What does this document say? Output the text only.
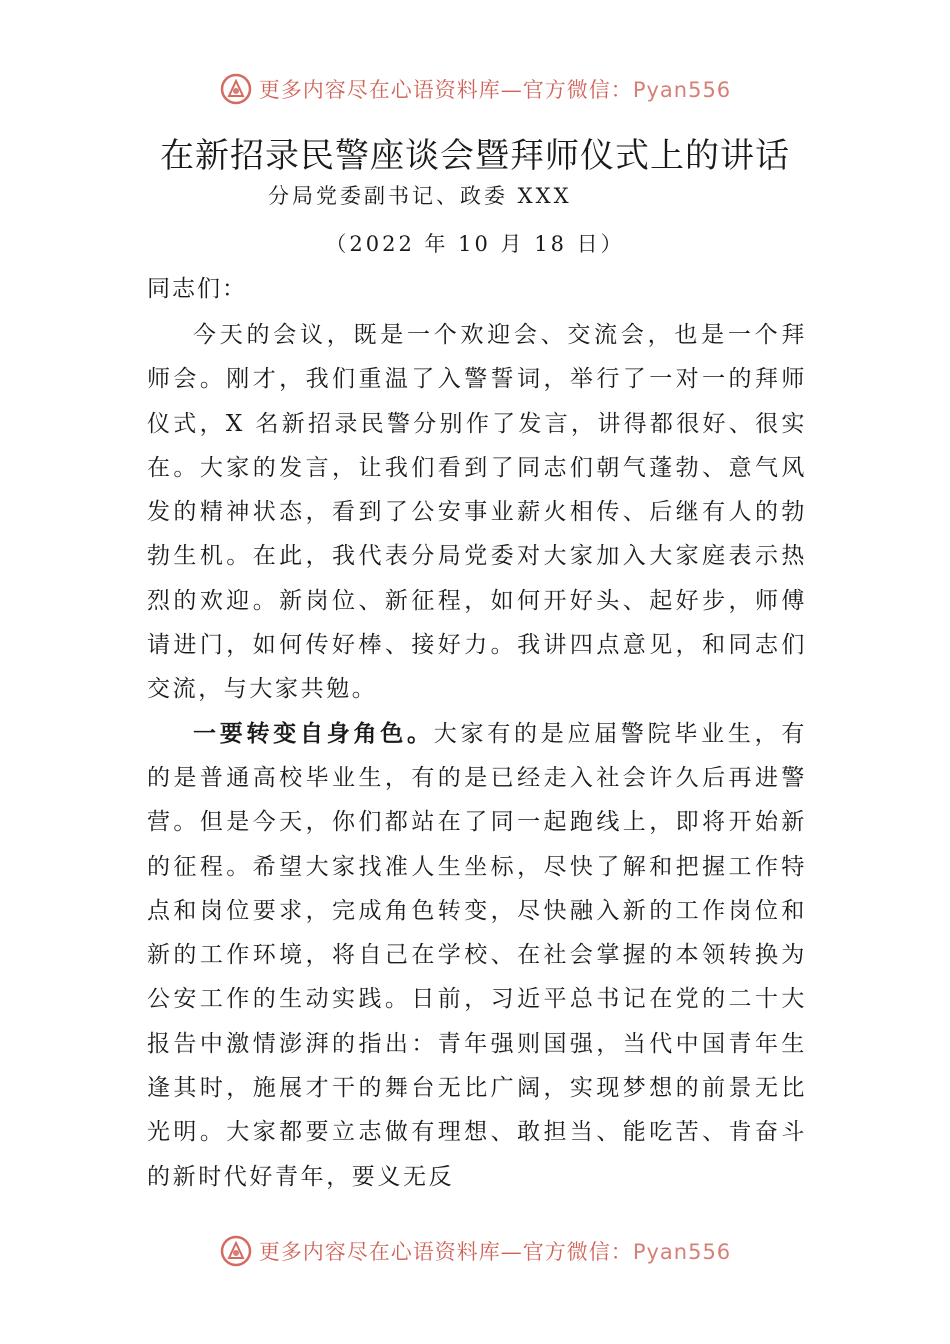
更多内容尽在心语资料库—官方微信：Pyan556
在新招录民警座谈会暨拜师仪式上的讲话
分局党委副书记、政委 XXX
（2022 年 10 月 18 日）
同志们：

今天的会议，既是一个欢迎会、交流会，也是一个拜师会。刚才，我们重温了入警誓词，举行了一对一的拜师仪式，X 名新招录民警分别作了发言，讲得都很好、很实在。大家的发言，让我们看到了同志们朝气蓬勃、意气风发的精神状态，看到了公安事业薪火相传、后继有人的勃勃生机。在此，我代表分局党委对大家加入大家庭表示热烈的欢迎。新岗位、新征程，如何开好头、起好步，师傅请进门，如何传好棒、接好力。我讲四点意见，和同志们交流，与大家共勉。

一要转变自身角色。大家有的是应届警院毕业生，有的是普通高校毕业生，有的是已经走入社会许久后再进警营。但是今天，你们都站在了同一起跑线上，即将开始新的征程。希望大家找准人生坐标，尽快了解和把握工作特点和岗位要求，完成角色转变，尽快融入新的工作岗位和新的工作环境，将自己在学校、在社会掌握的本领转换为公安工作的生动实践。日前，习近平总书记在党的二十大报告中激情澎湃的指出：青年强则国强，当代中国青年生逢其时，施展才干的舞台无比广阔，实现梦想的前景无比光明。大家都要立志做有理想、敢担当、能吃苦、肯奋斗的新时代好青年，要义无反

更多内容尽在心语资料库—官方微信：Pyan556
